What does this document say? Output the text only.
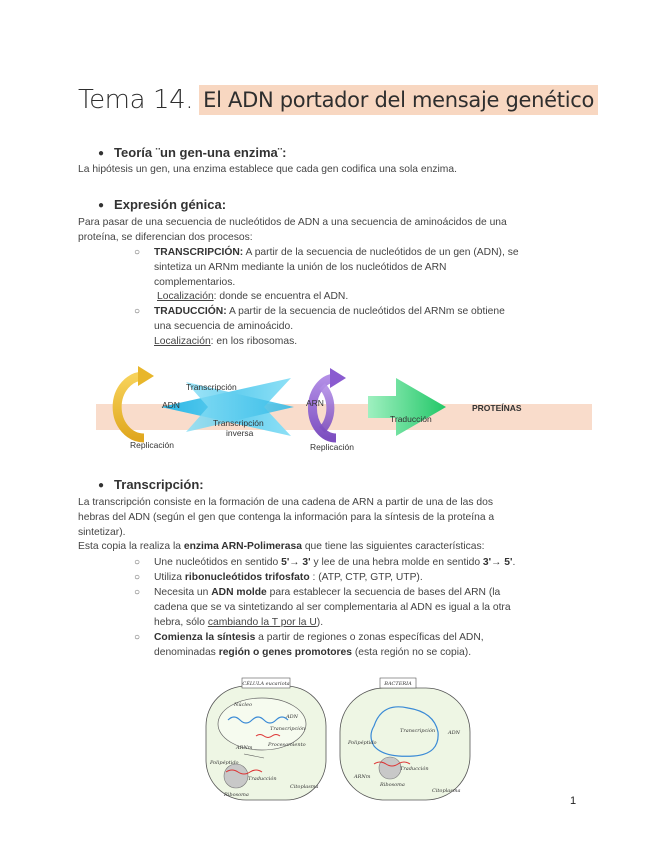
Tema 14. El ADN portador del mensaje genético
● Teoría ¨un gen-una enzima¨:
La hipótesis un gen, una enzima establece que cada gen codifica una sola enzima.
● Expresión génica:
Para pasar de una secuencia de nucleótidos de ADN a una secuencia de aminoácidos de una
proteína, se diferencian dos procesos:
○ TRANSCRIPCIÓN: A partir de la secuencia de nucleótidos de un gen (ADN), se
sintetiza un ARNm mediante la unión de los nucleótidos de ARN
complementarios.
Localización: donde se encuentra el ADN.
○ TRADUCCIÓN: A partir de la secuencia de nucleótidos del ARNm se obtiene
una secuencia de aminoácido.
Localización: en los ribosomas.
ADN
Replicación
Transcripción
Transcripción
inversa
ARN
Replicación
Traducción
PROTEÍNAS
● Transcripción:
La transcripción consiste en la formación de una cadena de ARN a partir de una de las dos
hebras del ADN (según el gen que contenga la información para la síntesis de la proteína a
sintetizar).
Esta copia la realiza la enzima ARN-Polimerasa que tiene las siguientes características:
○ Une nucleótidos en sentido 5'→ 3' y lee de una hebra molde en sentido 3'→ 5'.
○ Utiliza ribonucleótidos trifosfato : (ATP, CTP, GTP, UTP).
○ Necesita un ADN molde para establecer la secuencia de bases del ARN (la
cadena que se va sintetizando al ser complementaria al ADN es igual a la otra
hebra, sólo cambiando la T por la U).
○ Comienza la síntesis a partir de regiones o zonas específicas del ADN,
denominadas región o genes promotores (esta región no se copia).
CÉLULA eucariota
Núcleo
ADN
Transcripción
Procesamiento
ARNm
Polipéptido
Traducción
Ribosoma
Citoplasma
BACTERIA
Transcripción	ADN
Polipéptido
Traducción
ARNm
Ribosoma
Citoplasma
1
